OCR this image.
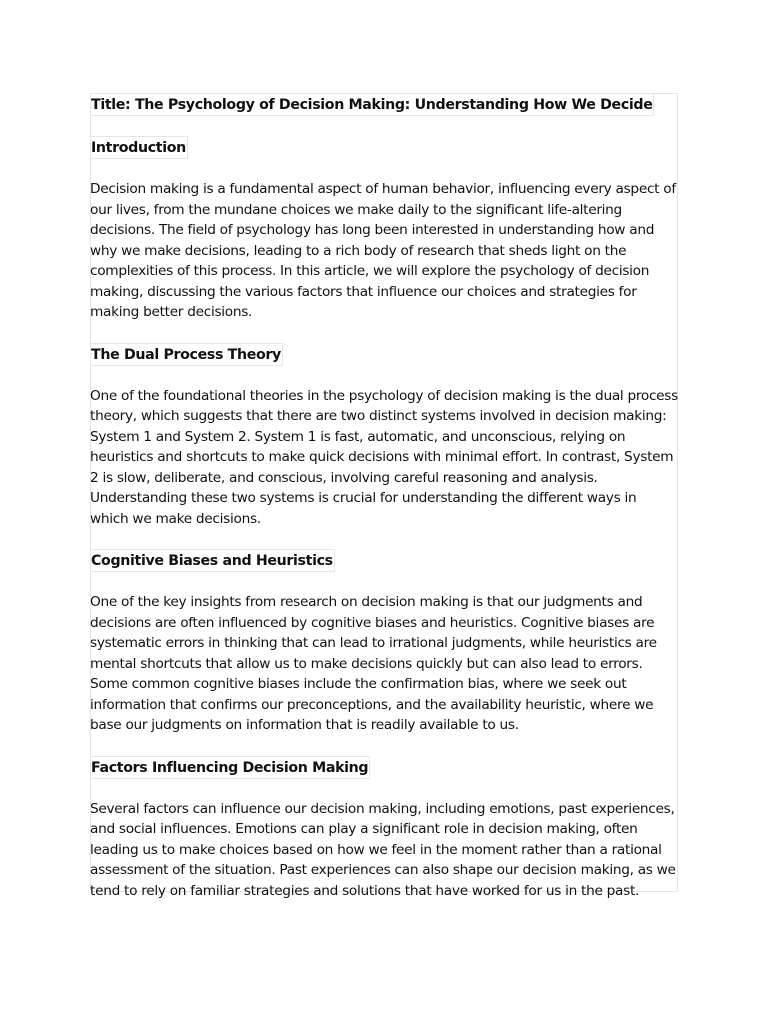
Title: The Psychology of Decision Making: Understanding How We Decide
Introduction

Decision making is a fundamental aspect of human behavior, influencing every aspect of our lives, from the mundane choices we make daily to the significant life-altering decisions. The field of psychology has long been interested in understanding how and why we make decisions, leading to a rich body of research that sheds light on the complexities of this process. In this article, we will explore the psychology of decision making, discussing the various factors that influence our choices and strategies for making better decisions.

The Dual Process Theory

One of the foundational theories in the psychology of decision making is the dual process theory, which suggests that there are two distinct systems involved in decision making: System 1 and System 2. System 1 is fast, automatic, and unconscious, relying on heuristics and shortcuts to make quick decisions with minimal effort. In contrast, System 2 is slow, deliberate, and conscious, involving careful reasoning and analysis. Understanding these two systems is crucial for understanding the different ways in which we make decisions.

Cognitive Biases and Heuristics

One of the key insights from research on decision making is that our judgments and decisions are often influenced by cognitive biases and heuristics. Cognitive biases are systematic errors in thinking that can lead to irrational judgments, while heuristics are mental shortcuts that allow us to make decisions quickly but can also lead to errors. Some common cognitive biases include the confirmation bias, where we seek out information that confirms our preconceptions, and the availability heuristic, where we base our judgments on information that is readily available to us.

Factors Influencing Decision Making

Several factors can influence our decision making, including emotions, past experiences, and social influences. Emotions can play a significant role in decision making, often leading us to make choices based on how we feel in the moment rather than a rational assessment of the situation. Past experiences can also shape our decision making, as we tend to rely on familiar strategies and solutions that have worked for us in the past.
